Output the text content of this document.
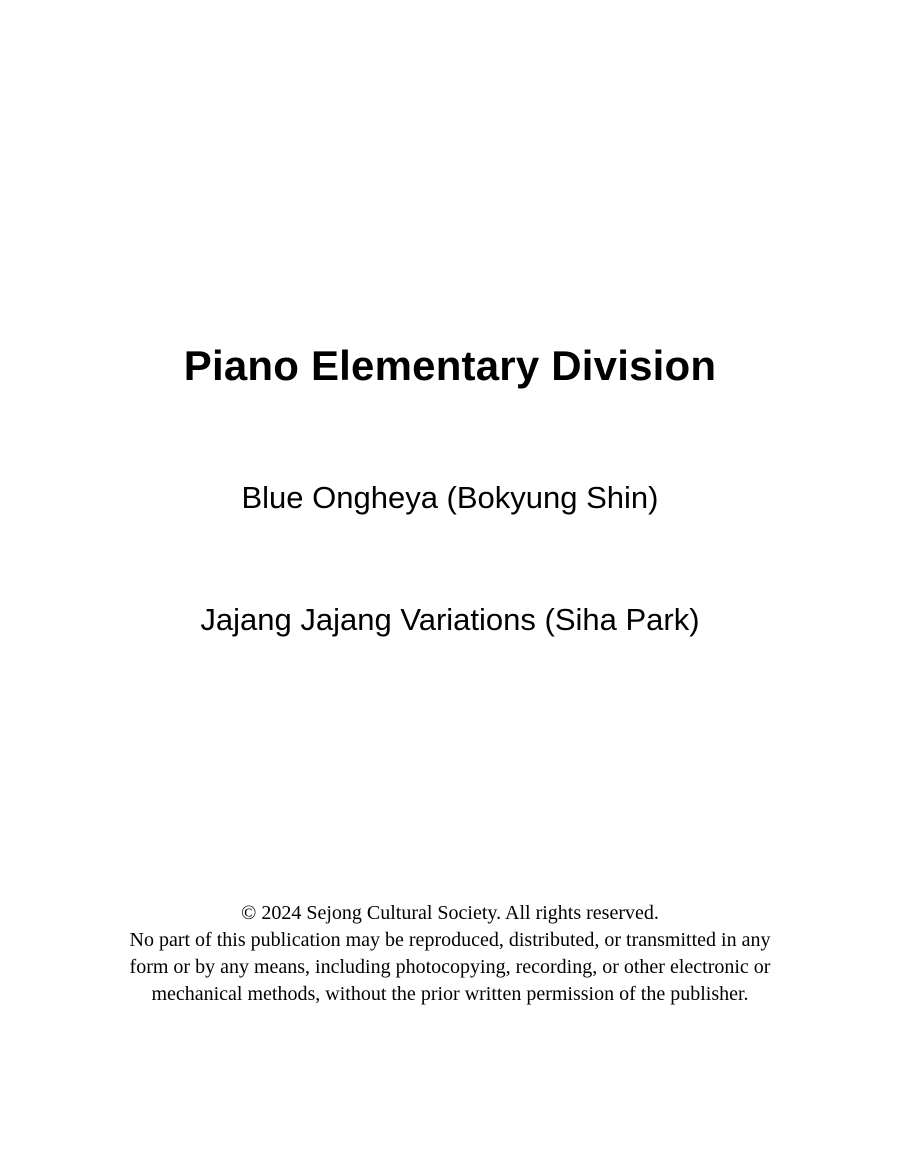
Piano Elementary Division

Blue Ongheya (Bokyung Shin)

Jajang Jajang Variations (Siha Park)

© 2024 Sejong Cultural Society. All rights reserved.
No part of this publication may be reproduced, distributed, or transmitted in any
form or by any means, including photocopying, recording, or other electronic or
mechanical methods, without the prior written permission of the publisher.
